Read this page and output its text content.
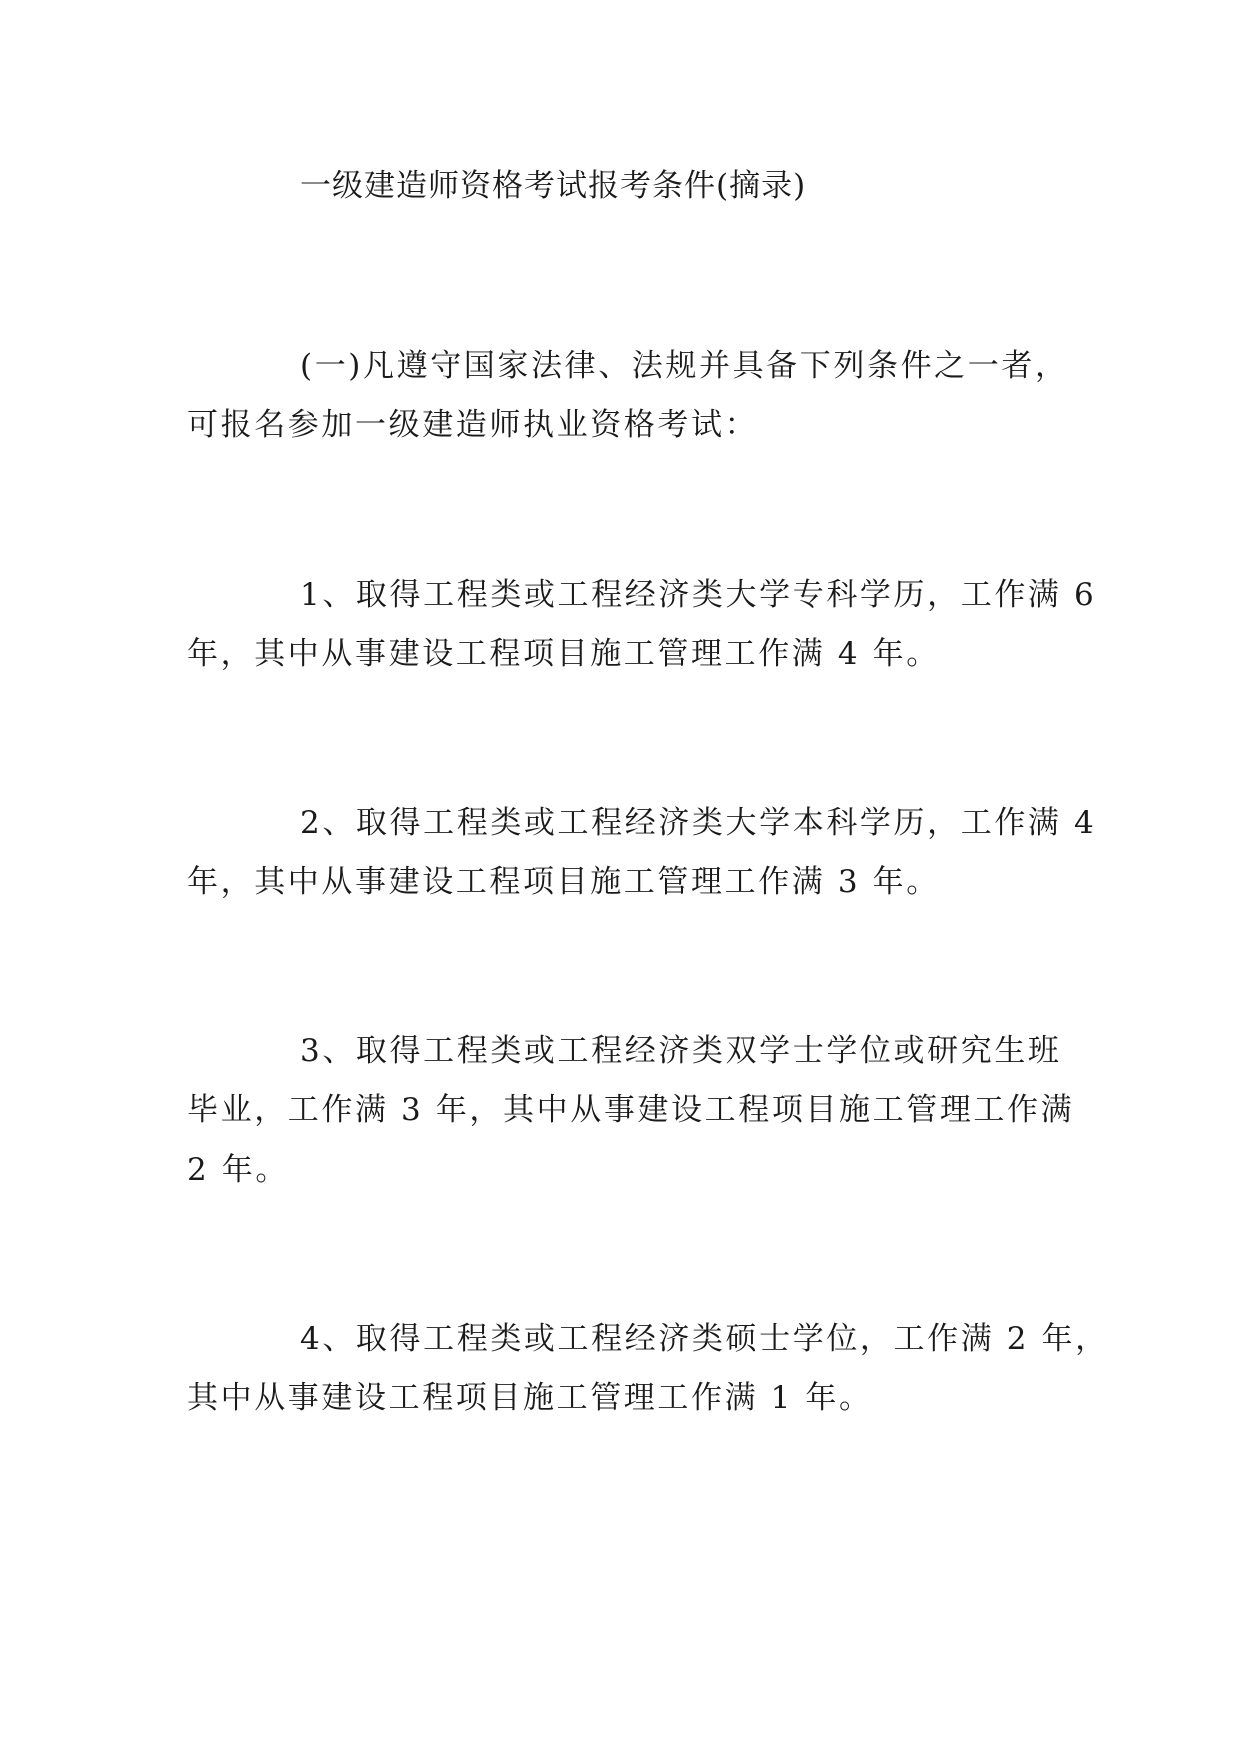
一级建造师资格考试报考条件(摘录)
(一)凡遵守国家法律、法规并具备下列条件之一者，
可报名参加一级建造师执业资格考试：
1、取得工程类或工程经济类大学专科学历，工作满 6
年，其中从事建设工程项目施工管理工作满 4 年。
2、取得工程类或工程经济类大学本科学历，工作满 4
年，其中从事建设工程项目施工管理工作满 3 年。
3、取得工程类或工程经济类双学士学位或研究生班
毕业，工作满 3 年，其中从事建设工程项目施工管理工作满
2 年。
4、取得工程类或工程经济类硕士学位，工作满 2 年，
其中从事建设工程项目施工管理工作满 1 年。
